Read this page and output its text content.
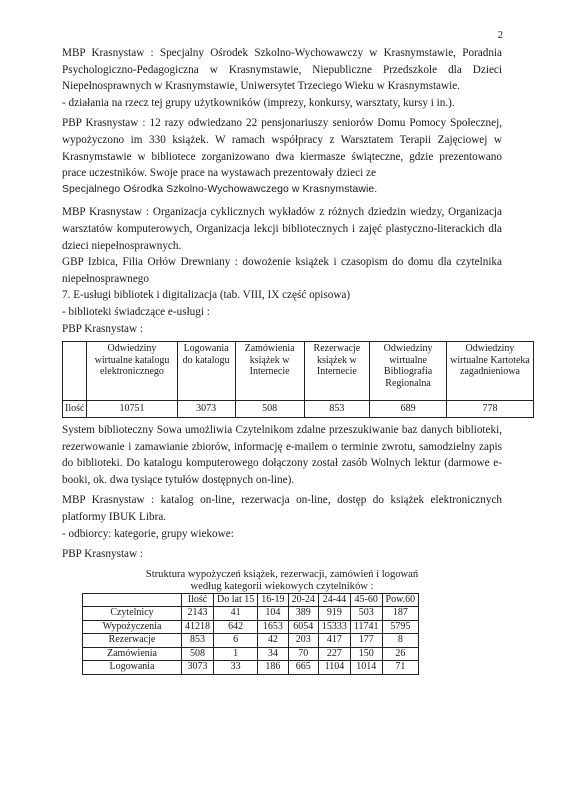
2

MBP Krasnystaw : Specjalny Ośrodek Szkolno-Wychowawczy w Krasnymstawie, Poradnia Psychologiczno-Pedagogiczna w Krasnymstawie, Niepubliczne Przedszkole dla Dzieci Niepełnosprawnych w Krasnymstawie, Uniwersytet Trzeciego Wieku w Krasnymstawie.

- działania na rzecz tej grupy użytkowników (imprezy, konkursy, warsztaty, kursy i in.).

PBP Krasnystaw : 12 razy odwiedzano 22 pensjonariuszy seniorów Domu Pomocy Społecznej, wypożyczono im 330 książek. W ramach współpracy z Warsztatem Terapii Zajęciowej w Krasnymstawie w bibliotece zorganizowano dwa kiermasze świąteczne, gdzie prezentowano prace uczestników. Swoje prace na wystawach prezentowały dzieci ze

Specjalnego Ośrodka Szkolno-Wychowawczego w Krasnymstawie.

MBP Krasnystaw : Organizacja cyklicznych wykładów z różnych dziedzin wiedzy, Organizacja warsztatów komputerowych, Organizacja lekcji bibliotecznych i zajęć plastyczno-literackich dla dzieci niepełnosprawnych.

GBP Izbica, Filia Orłów Drewniany : dowożenie książek i czasopism do domu dla czytelnika niepełnosprawnego

7. E-usługi bibliotek i digitalizacja (tab. VIII, IX część opisowa)

- biblioteki świadczące e-usługi :

PBP Krasnystaw :

	Odwiedziny wirtualne katalogu elektronicznego	Logowania do katalogu	Zamówienia książek w Internecie	Rezerwacje książek w Internecie	Odwiedziny wirtualne Bibliografia Regionalna	Odwiedziny wirtualne Kartoteka zagadnieniowa
Ilość	10751	3073	508	853	689	778

System biblioteczny Sowa umożliwia Czytelnikom zdalne przeszukiwanie baz danych biblioteki, rezerwowanie i zamawianie zbiorów, informację e-mailem o terminie zwrotu, samodzielny zapis do biblioteki. Do katalogu komputerowego dołączony został zasób Wolnych lektur (darmowe e-booki, ok. dwa tysiące tytułów dostępnych on-line).

MBP Krasnystaw : katalog on-line, rezerwacja on-line, dostęp do książek elektronicznych platformy IBUK Libra.

- odbiorcy: kategorie, grupy wiekowe:

PBP Krasnystaw :

Struktura wypożyczeń książek, rezerwacji, zamówień i logowań
według kategorii wiekowych czytelników :
	Ilość	Do lat 15	16-19	20-24	24-44	45-60	Pow.60
Czytelnicy	2143	41	104	389	919	503	187
Wypożyczenia	41218	642	1653	6054	15333	11741	5795
Rezerwacje	853	6	42	203	417	177	8
Zamówienia	508	1	34	70	227	150	26
Logowania	3073	33	186	665	1104	1014	71
